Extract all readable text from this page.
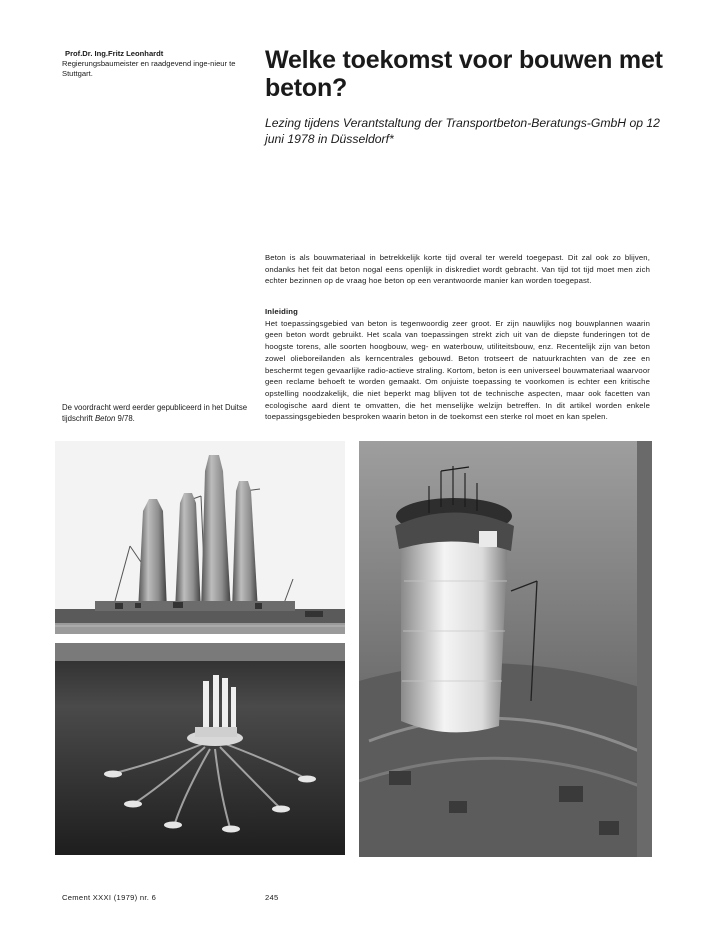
Prof.Dr. Ing.Fritz Leonhardt
Regierungsbaumeister en raadgevend inge-nieur te Stuttgart.	Welke toekomst voor bouwen met beton?

Lezing tijdens Verantstaltung der Transportbeton-Beratungs-GmbH op 12 juni 1978 in Düsseldorf*

Beton is als bouwmateriaal in betrekkelijk korte tijd overal ter wereld toegepast. Dit zal ook zo blijven, ondanks het feit dat beton nogal eens openlijk in diskrediet wordt gebracht. Van tijd tot tijd moet men zich echter bezinnen op de vraag hoe beton op een verantwoorde manier kan worden toegepast.

Inleiding

Het toepassingsgebied van beton is tegenwoordig zeer groot. Er zijn nauwlijks nog bouwplannen waarin geen beton wordt gebruikt. Het scala van toepassingen strekt zich uit van de diepste funderingen tot de hoogste torens, alle soorten hoogbouw, weg- en waterbouw, utiliteitsbouw, enz. Recentelijk zijn van beton zowel olieboreilanden als kerncentrales gebouwd. Beton trotseert de natuurkrachten van de zee en beschermt tegen gevaarlijke radio-actieve straling. Kortom, beton is een universeel bouwmateriaal waarvoor geen reclame behoeft te worden gemaakt. Om onjuiste toepassing te voorkomen is echter een kritische opstelling noodzakelijk, die niet beperkt mag blijven tot de technische aspecten, maar ook facetten van ecologische aard dient te omvatten, die het menselijke welzijn betreffen. In dit artikel worden enkele toepassingsgebieden besproken waarin beton in de toekomst een sterke rol moet en kan spelen.

De voordracht werd eerder gepubliceerd in het Duitse tijdschrift Beton 9/78.

Cement XXXI (1979) nr. 6	245
